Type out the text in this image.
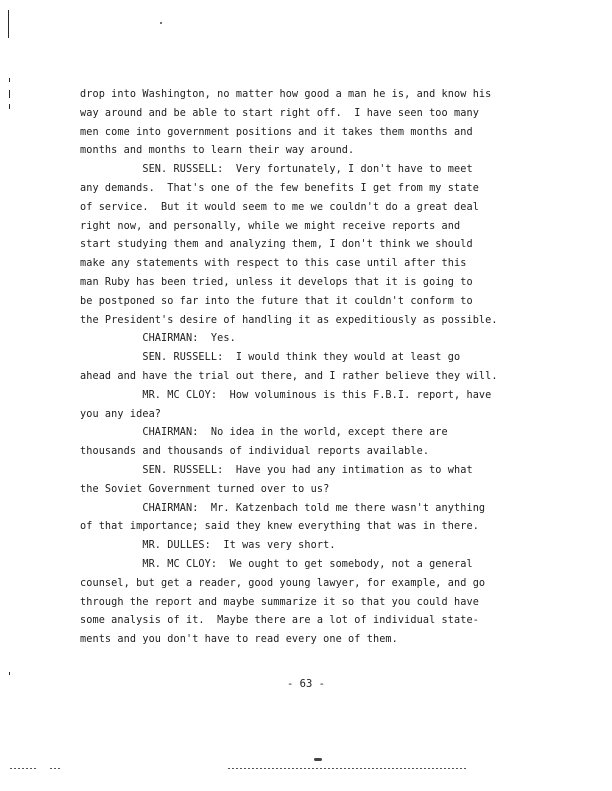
drop into Washington, no matter how good a man he is, and know his
way around and be able to start right off.  I have seen too many
men come into government positions and it takes them months and
months and months to learn their way around.
SEN. RUSSELL:  Very fortunately, I don't have to meet
any demands.  That's one of the few benefits I get from my state
of service.  But it would seem to me we couldn't do a great deal
right now, and personally, while we might receive reports and
start studying them and analyzing them, I don't think we should
make any statements with respect to this case until after this
man Ruby has been tried, unless it develops that it is going to
be postponed so far into the future that it couldn't conform to
the President's desire of handling it as expeditiously as possible.
CHAIRMAN:  Yes.
SEN. RUSSELL:  I would think they would at least go
ahead and have the trial out there, and I rather believe they will.
MR. MC CLOY:  How voluminous is this F.B.I. report, have
you any idea?
CHAIRMAN:  No idea in the world, except there are
thousands and thousands of individual reports available.
SEN. RUSSELL:  Have you had any intimation as to what
the Soviet Government turned over to us?
CHAIRMAN:  Mr. Katzenbach told me there wasn't anything
of that importance; said they knew everything that was in there.
MR. DULLES:  It was very short.
MR. MC CLOY:  We ought to get somebody, not a general
counsel, but get a reader, good young lawyer, for example, and go
through the report and maybe summarize it so that you could have
some analysis of it.  Maybe there are a lot of individual state-
ments and you don't have to read every one of them.
- 63 -
